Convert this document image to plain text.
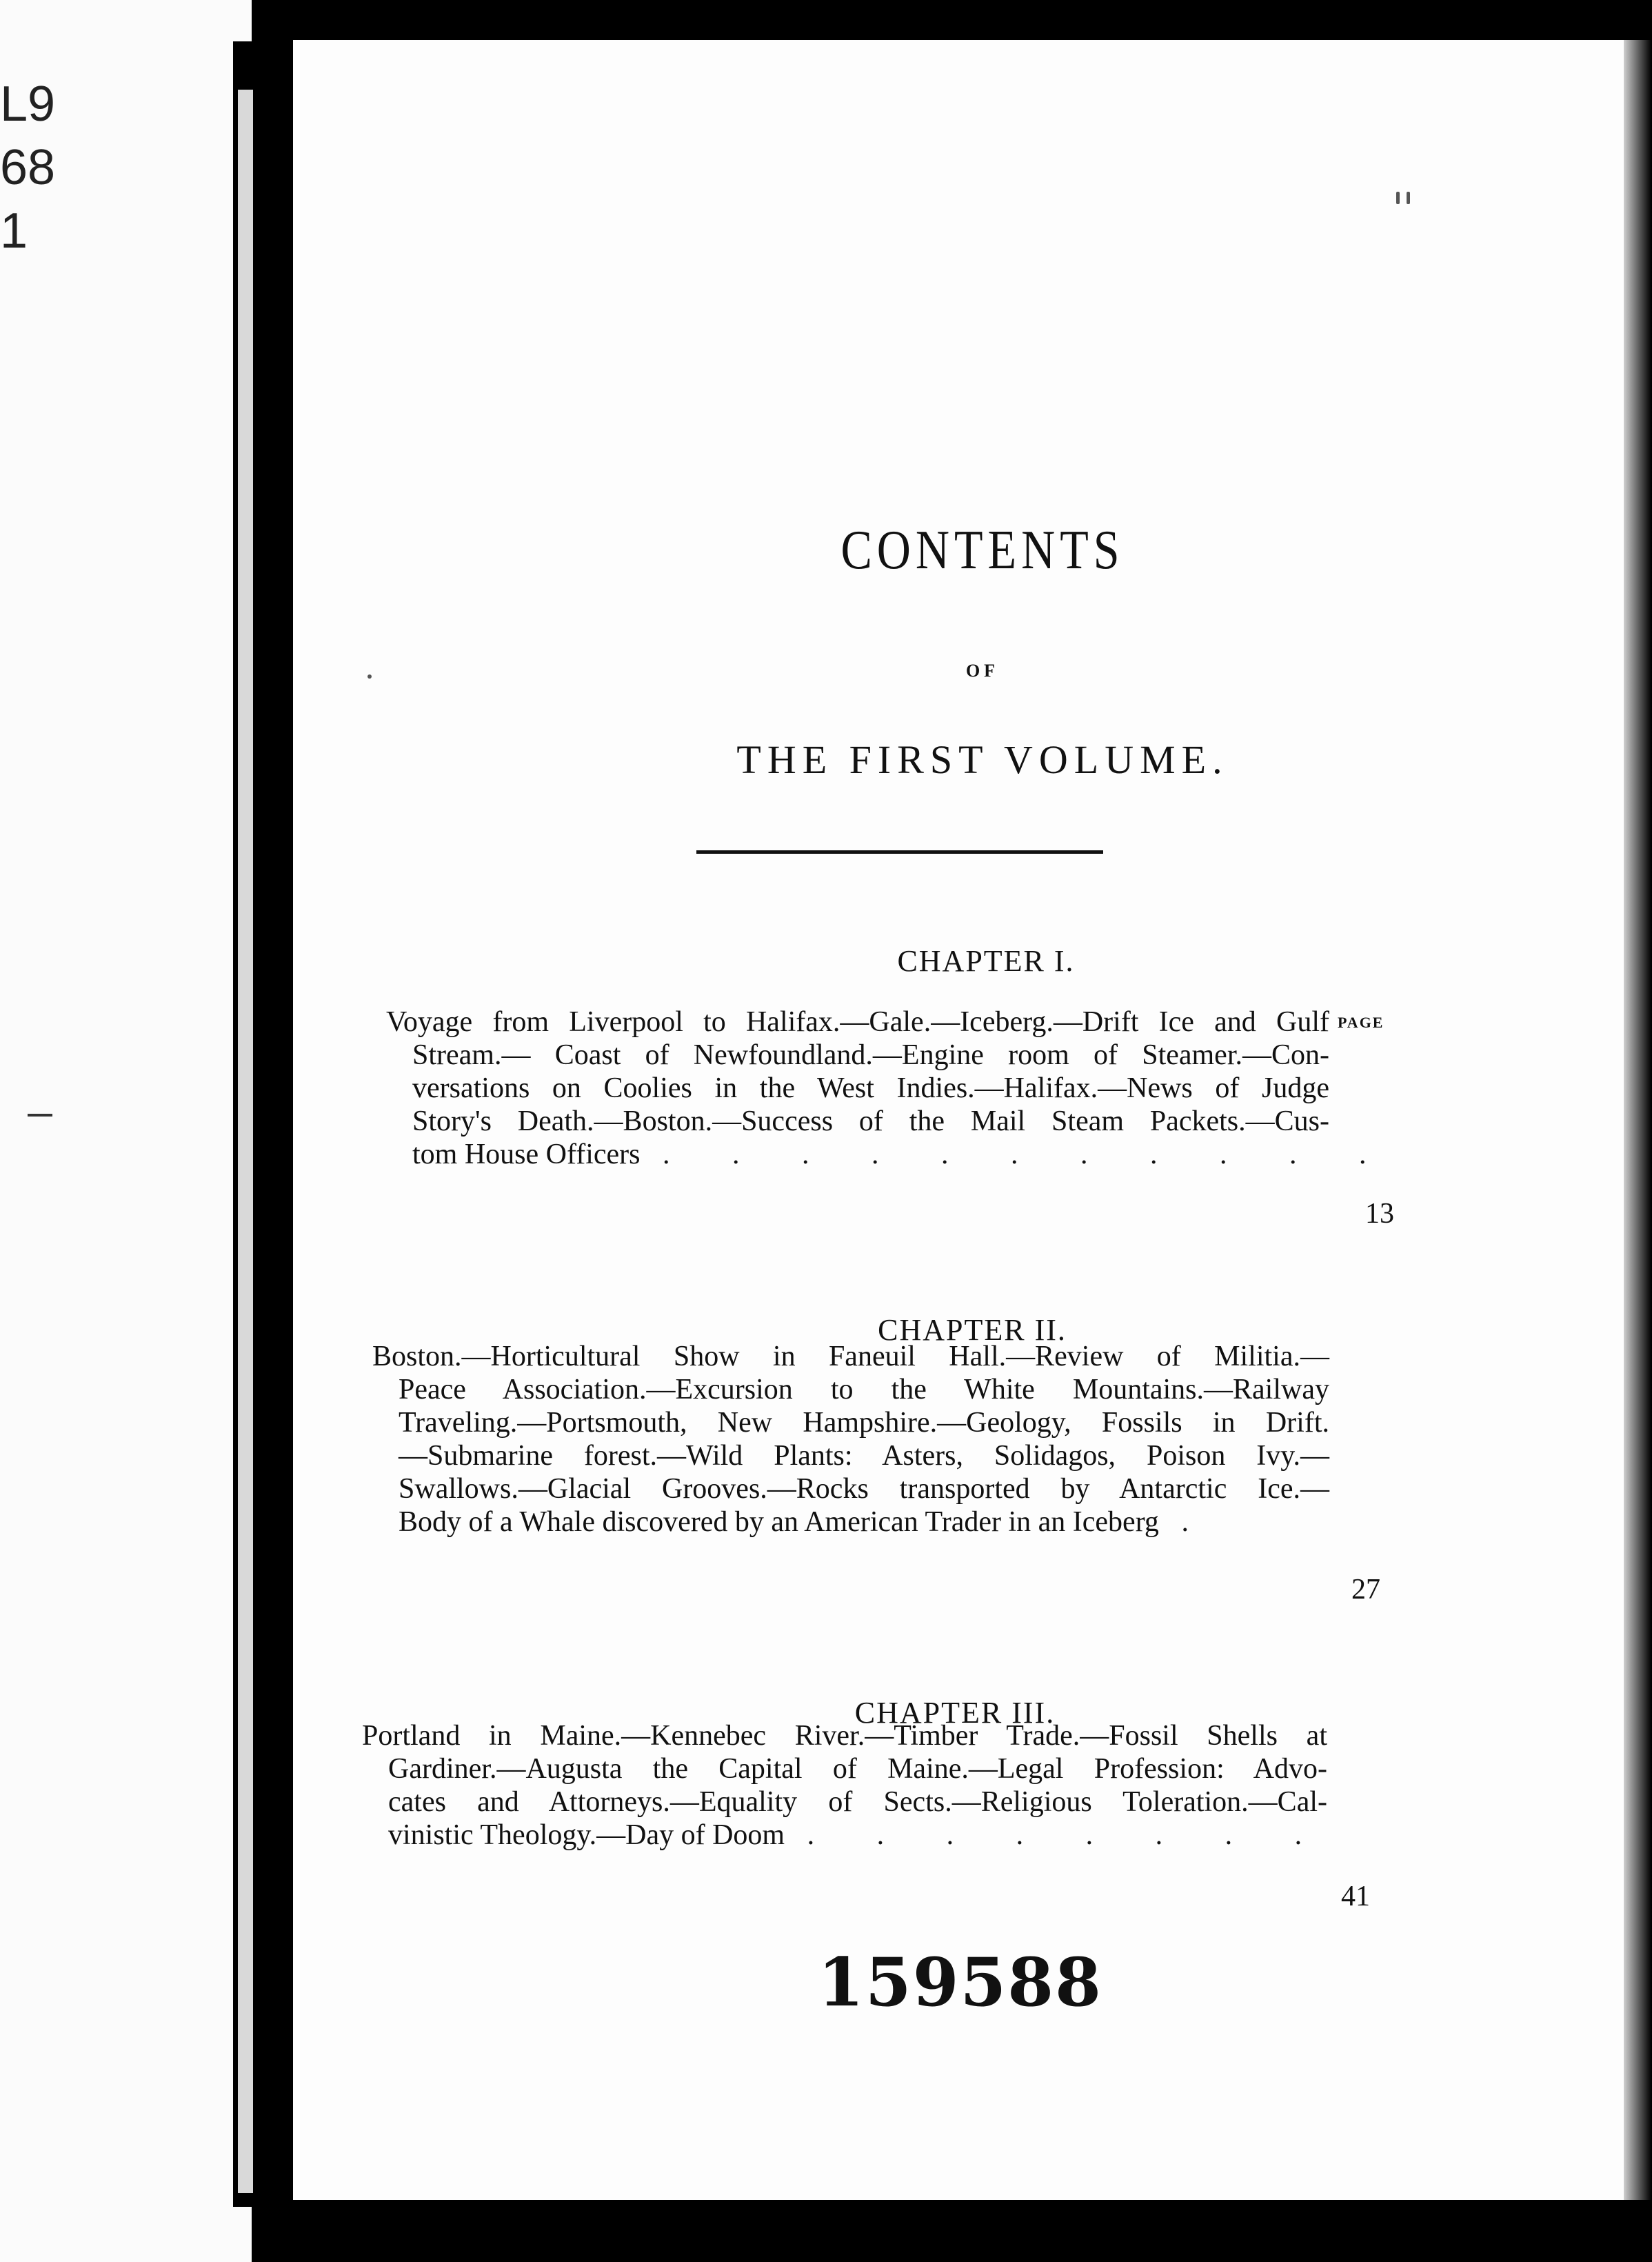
L9
68
1
CONTENTS
OF
THE FIRST VOLUME.
CHAPTER I.
PAGE
Voyage from Liverpool to Halifax.—Gale.—Iceberg.—Drift Ice and Gulf
Stream.— Coast of Newfoundland.—Engine room of Steamer.—Con-
versations on Coolies in the West Indies.—Halifax.—News of Judge
Story's Death.—Boston.—Success of the Mail Steam Packets.—Cus-
tom House Officers . . . . . . . . . . .
13
CHAPTER II.
Boston.—Horticultural Show in Faneuil Hall.—Review of Militia.—
Peace Association.—Excursion to the White Mountains.—Railway
Traveling.—Portsmouth, New Hampshire.—Geology, Fossils in Drift.
—Submarine forest.—Wild Plants: Asters, Solidagos, Poison Ivy.—
Swallows.—Glacial Grooves.—Rocks transported by Antarctic Ice.—
Body of a Whale discovered by an American Trader in an Iceberg .
27
CHAPTER III.
Portland in Maine.—Kennebec River.—Timber Trade.—Fossil Shells at
Gardiner.—Augusta the Capital of Maine.—Legal Profession: Advo-
cates and Attorneys.—Equality of Sects.—Religious Toleration.—Cal-
vinistic Theology.—Day of Doom . . . . . . . .
41
159588
